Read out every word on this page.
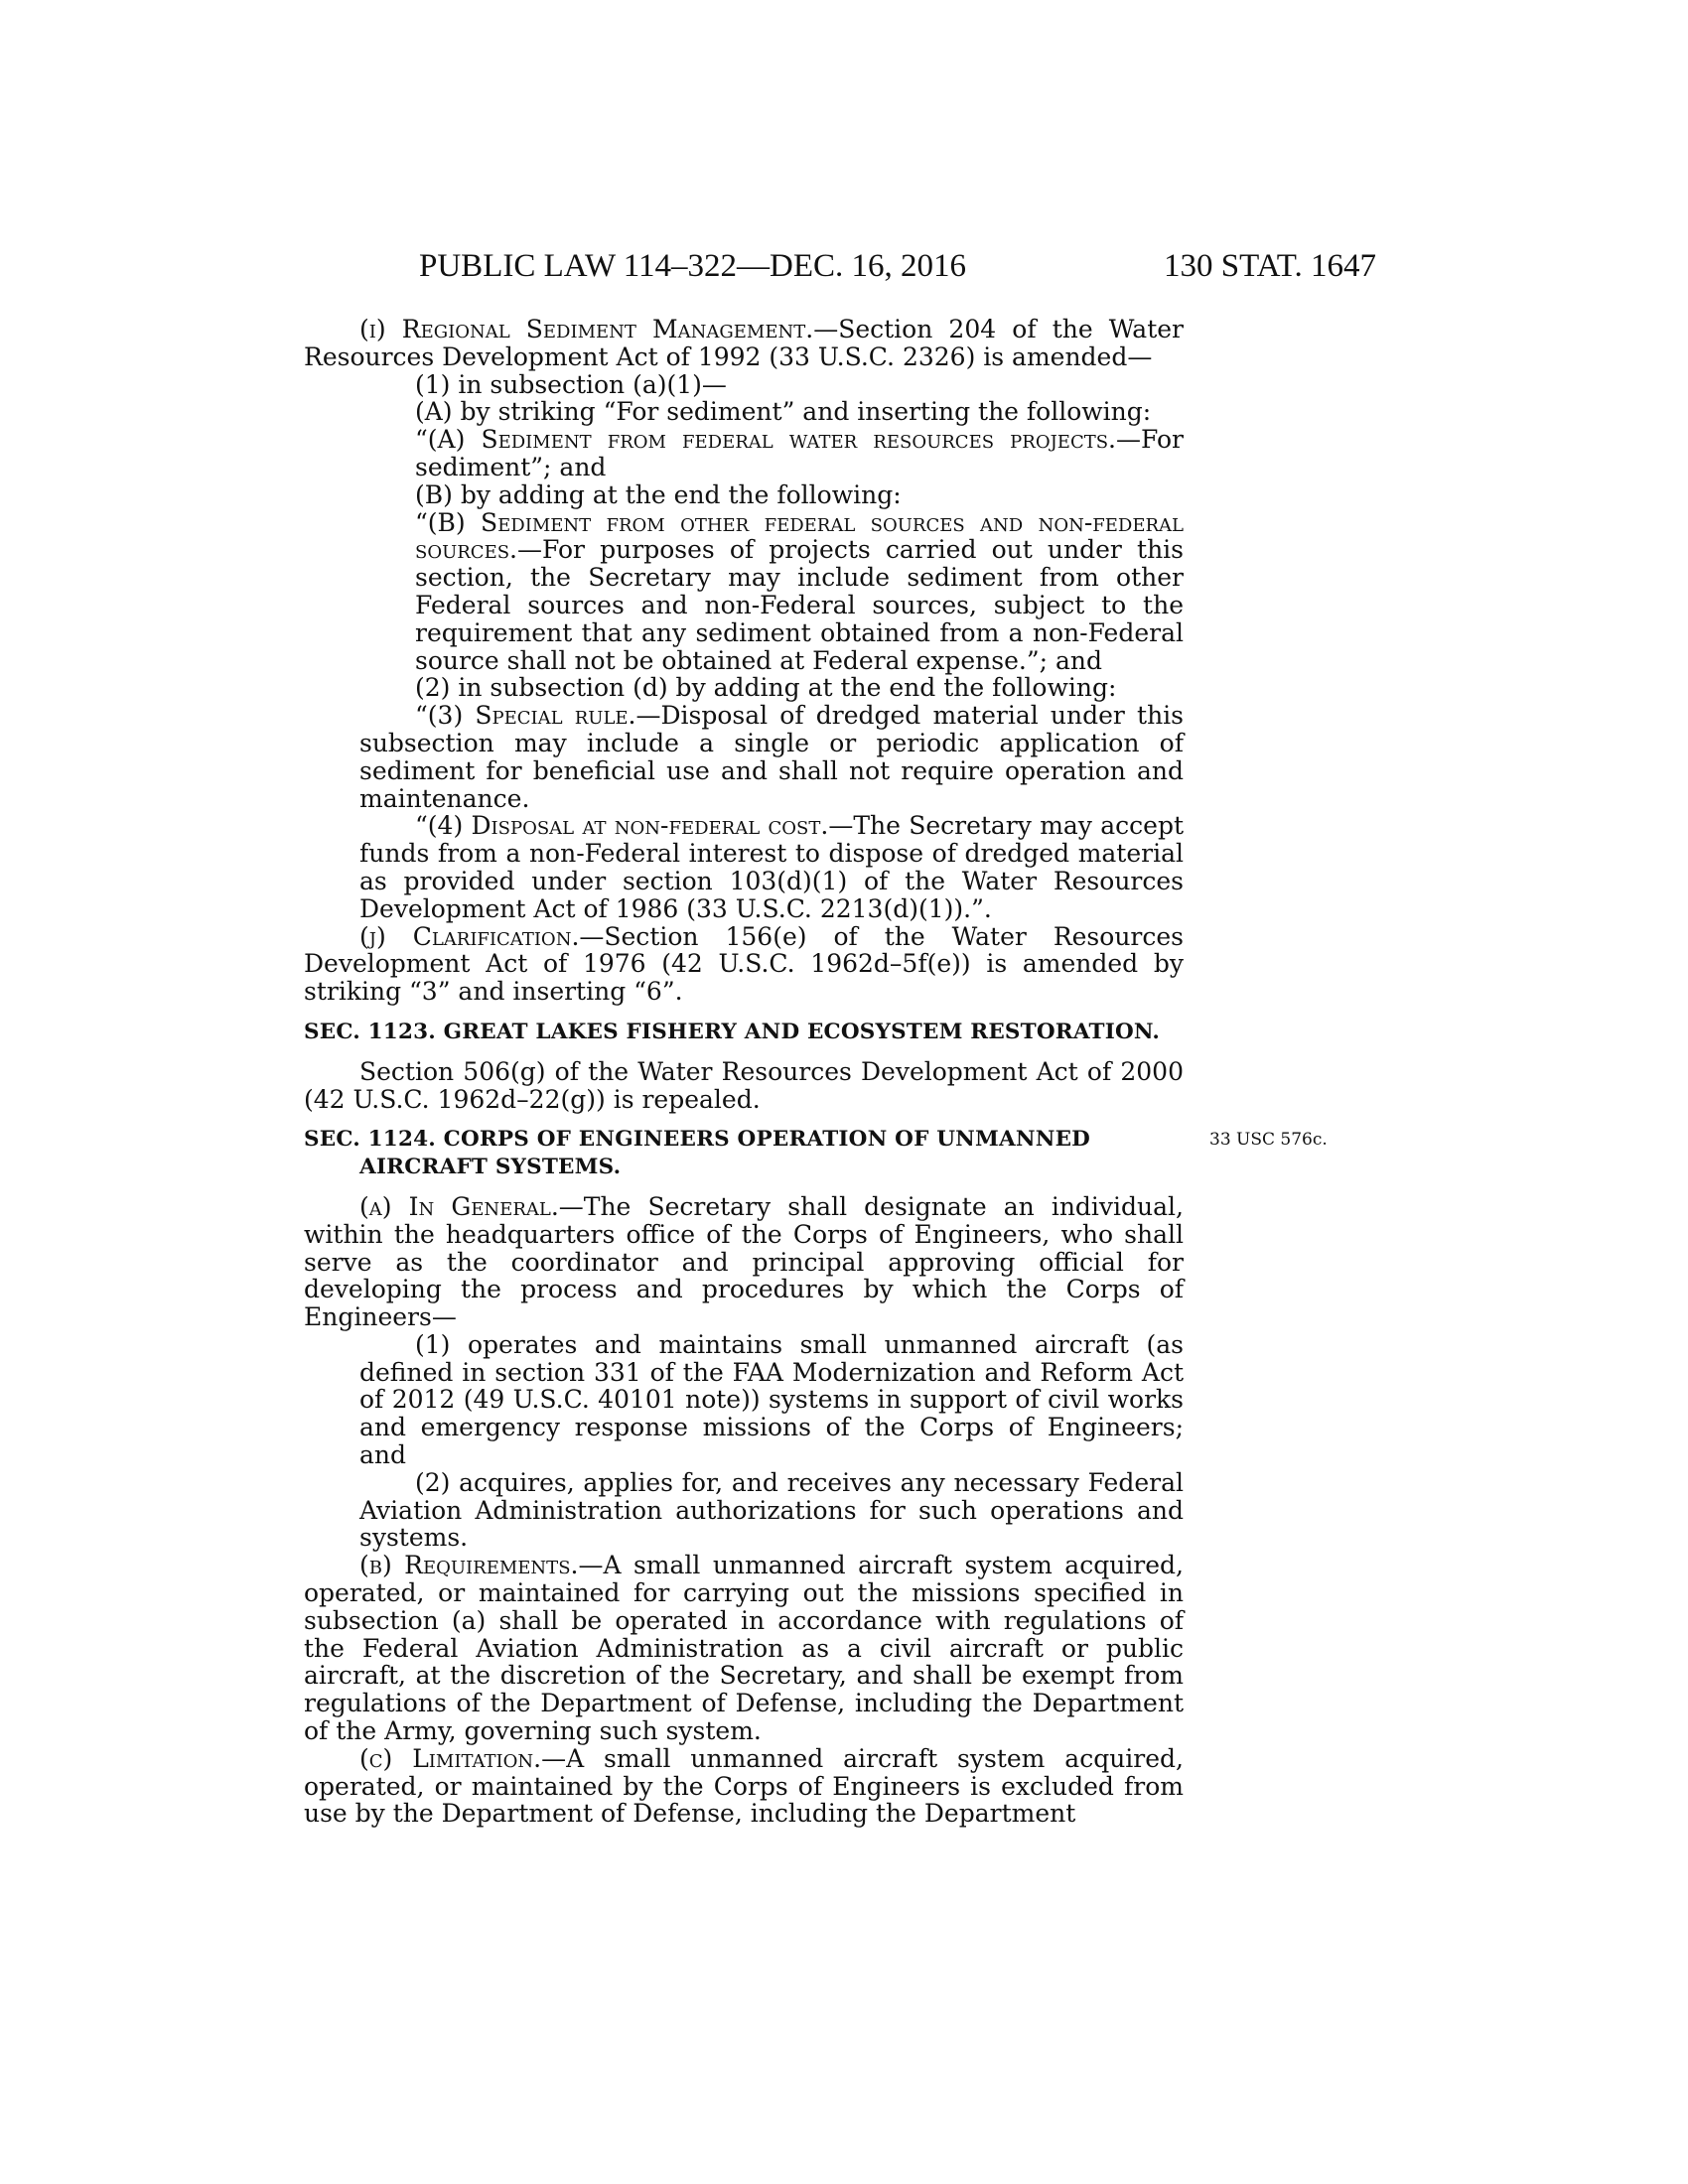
PUBLIC LAW 114–322—DEC. 16, 2016	130 STAT. 1647

(i) Regional Sediment Management.—Section 204 of the Water Resources Development Act of 1992 (33 U.S.C. 2326) is amended—

(1) in subsection (a)(1)—

(A) by striking “For sediment” and inserting the following:

“(A) Sediment from federal water resources projects.—For sediment”; and

(B) by adding at the end the following:

“(B) Sediment from other federal sources and non-federal sources.—For purposes of projects carried out under this section, the Secretary may include sediment from other Federal sources and non-Federal sources, subject to the requirement that any sediment obtained from a non-Federal source shall not be obtained at Federal expense.”; and

(2) in subsection (d) by adding at the end the following:

“(3) Special rule.—Disposal of dredged material under this subsection may include a single or periodic application of sediment for beneficial use and shall not require operation and maintenance.

“(4) Disposal at non-federal cost.—The Secretary may accept funds from a non-Federal interest to dispose of dredged material as provided under section 103(d)(1) of the Water Resources Development Act of 1986 (33 U.S.C. 2213(d)(1)).”.

(j) Clarification.—Section 156(e) of the Water Resources Development Act of 1976 (42 U.S.C. 1962d–5f(e)) is amended by striking “3” and inserting “6”.

SEC. 1123. GREAT LAKES FISHERY AND ECOSYSTEM RESTORATION.

Section 506(g) of the Water Resources Development Act of 2000 (42 U.S.C. 1962d–22(g)) is repealed.

SEC. 1124. CORPS OF ENGINEERS OPERATION OF UNMANNED AIRCRAFT SYSTEMS.

(a) In General.—The Secretary shall designate an individual, within the headquarters office of the Corps of Engineers, who shall serve as the coordinator and principal approving official for developing the process and procedures by which the Corps of Engineers—

(1) operates and maintains small unmanned aircraft (as defined in section 331 of the FAA Modernization and Reform Act of 2012 (49 U.S.C. 40101 note)) systems in support of civil works and emergency response missions of the Corps of Engineers; and

(2) acquires, applies for, and receives any necessary Federal Aviation Administration authorizations for such operations and systems.

(b) Requirements.—A small unmanned aircraft system acquired, operated, or maintained for carrying out the missions specified in subsection (a) shall be operated in accordance with regulations of the Federal Aviation Administration as a civil aircraft or public aircraft, at the discretion of the Secretary, and shall be exempt from regulations of the Department of Defense, including the Department of the Army, governing such system.

(c) Limitation.—A small unmanned aircraft system acquired, operated, or maintained by the Corps of Engineers is excluded from use by the Department of Defense, including the Department

33 USC 576c.
